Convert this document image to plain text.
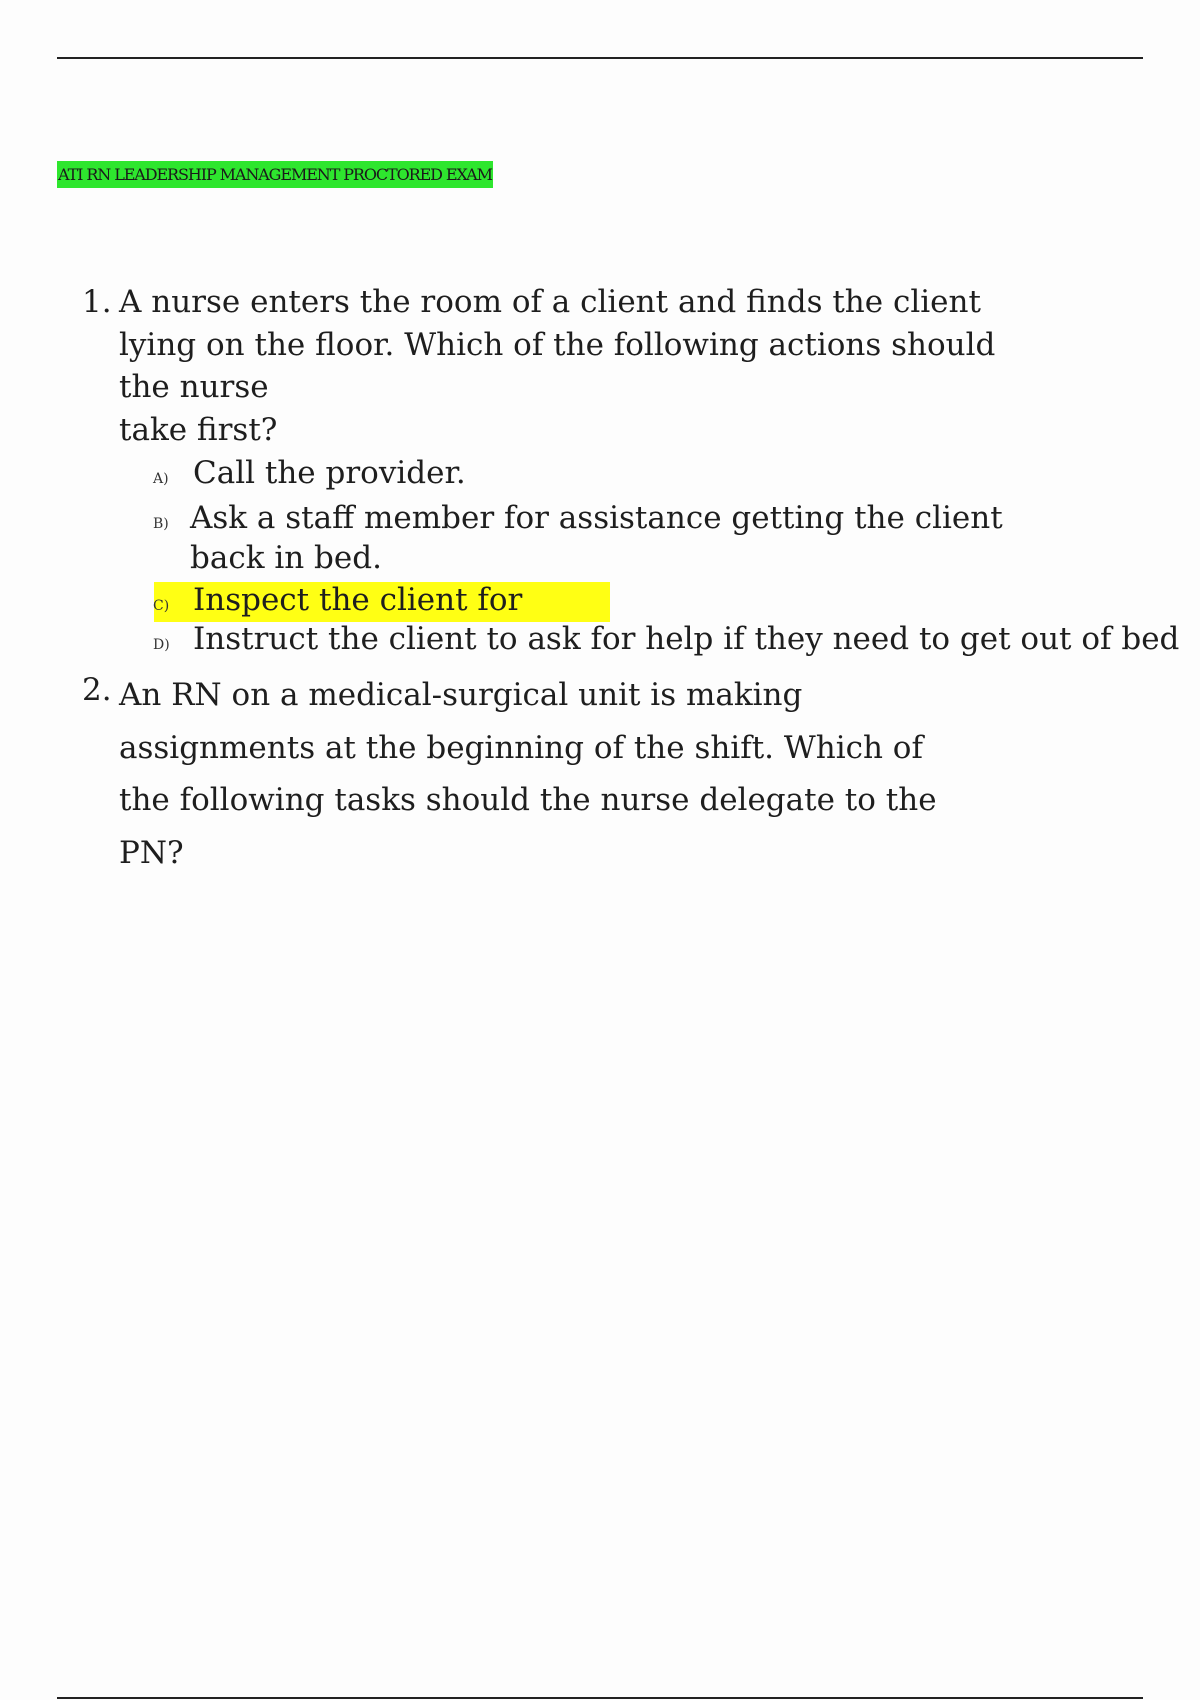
ATI RN LEADERSHIP MANAGEMENT PROCTORED EXAM
1. A nurse enters the room of a client and finds the client
lying on the floor. Which of the following actions should
the nurse
take first?
A) Call the provider.
B) Ask a staff member for assistance getting the client back in bed.
C) Inspect the client for
D) Instruct the client to ask for help if they need to get out of bed
2. An RN on a medical-surgical unit is making
assignments at the beginning of the shift. Which of
the following tasks should the nurse delegate to the
PN?
